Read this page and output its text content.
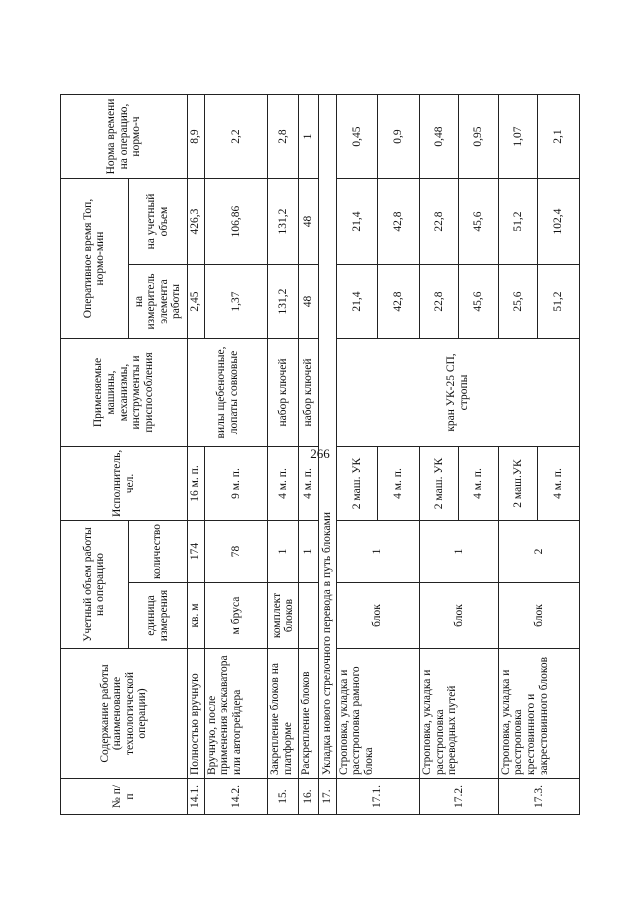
266
№ п/п	Содержание работы (наименование технологической операции)	Учетный объем работы на операцию		Исполнитель, чел.	Применяемые машины, механизмы, инструменты и приспособления	Оперативное время Топ, нормо-мин		Норма времени на операцию, нормо-ч
		единица измерения	количество			на измеритель элемента работы	на учетный объем	
14.1.	Полностью вручную	кв. м	174	16 м. п.	вилы щебеночные, лопаты совковые	2,45	426,3	8,9
14.2.	Вручную, после применения экскаватора или автогрейдера	м бруса	78	9 м. п.		1,37	106,86	2,2
15.	Закрепление блоков на платформе	комплект блоков	1	4 м. п.	набор ключей	131,2	131,2	2,8
16.	Раскрепление блоков		1	4 м. п.	набор ключей	48	48	1
17.	Укладка нового стрелочного перевода в путь блоками							
17.1.	Строповка, укладка и расстроповка рамного блока	блок	1	2 маш. УК	кран УК-25 СП, стропы	21,4	21,4	0,45
				4 м. п.		42,8	42,8	0,9
17.2.	Строповка, укладка и расстроповка переводных путей	блок	1	2 маш. УК		22,8	22,8	0,48
				4 м. п.		45,6	45,6	0,95
17.3.	Строповка, укладка и расстроповка крестовинного и закрестовинного блоков	блок	2	2 маш.УК		25,6	51,2	1,07
				4 м. п.		51,2	102,4	2,1
